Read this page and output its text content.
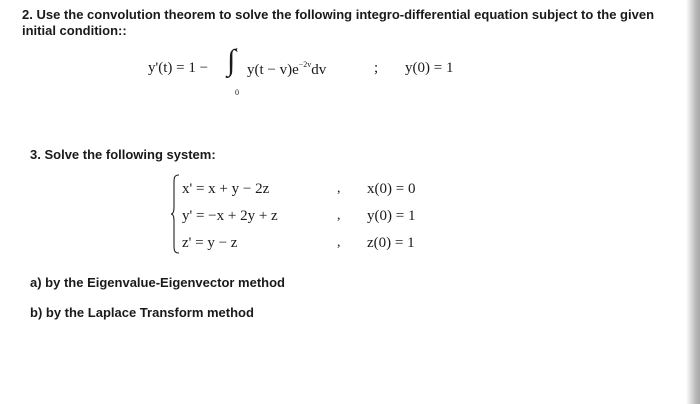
2. Use the convolution theorem to solve the following integro-differential equation subject to the given initial condition::

y'(t) = 1 − ∫ t
0
$y(t - v)e^{-2v}dv$	; y(0) = 1

3. Solve the following system:

x' = x + y − 2z
y' = −x + 2y + z
z' = y − z
,
,
,
x(0) = 0
y(0) = 1
z(0) = 1

a) by the Eigenvalue-Eigenvector method

b) by the Laplace Transform method
